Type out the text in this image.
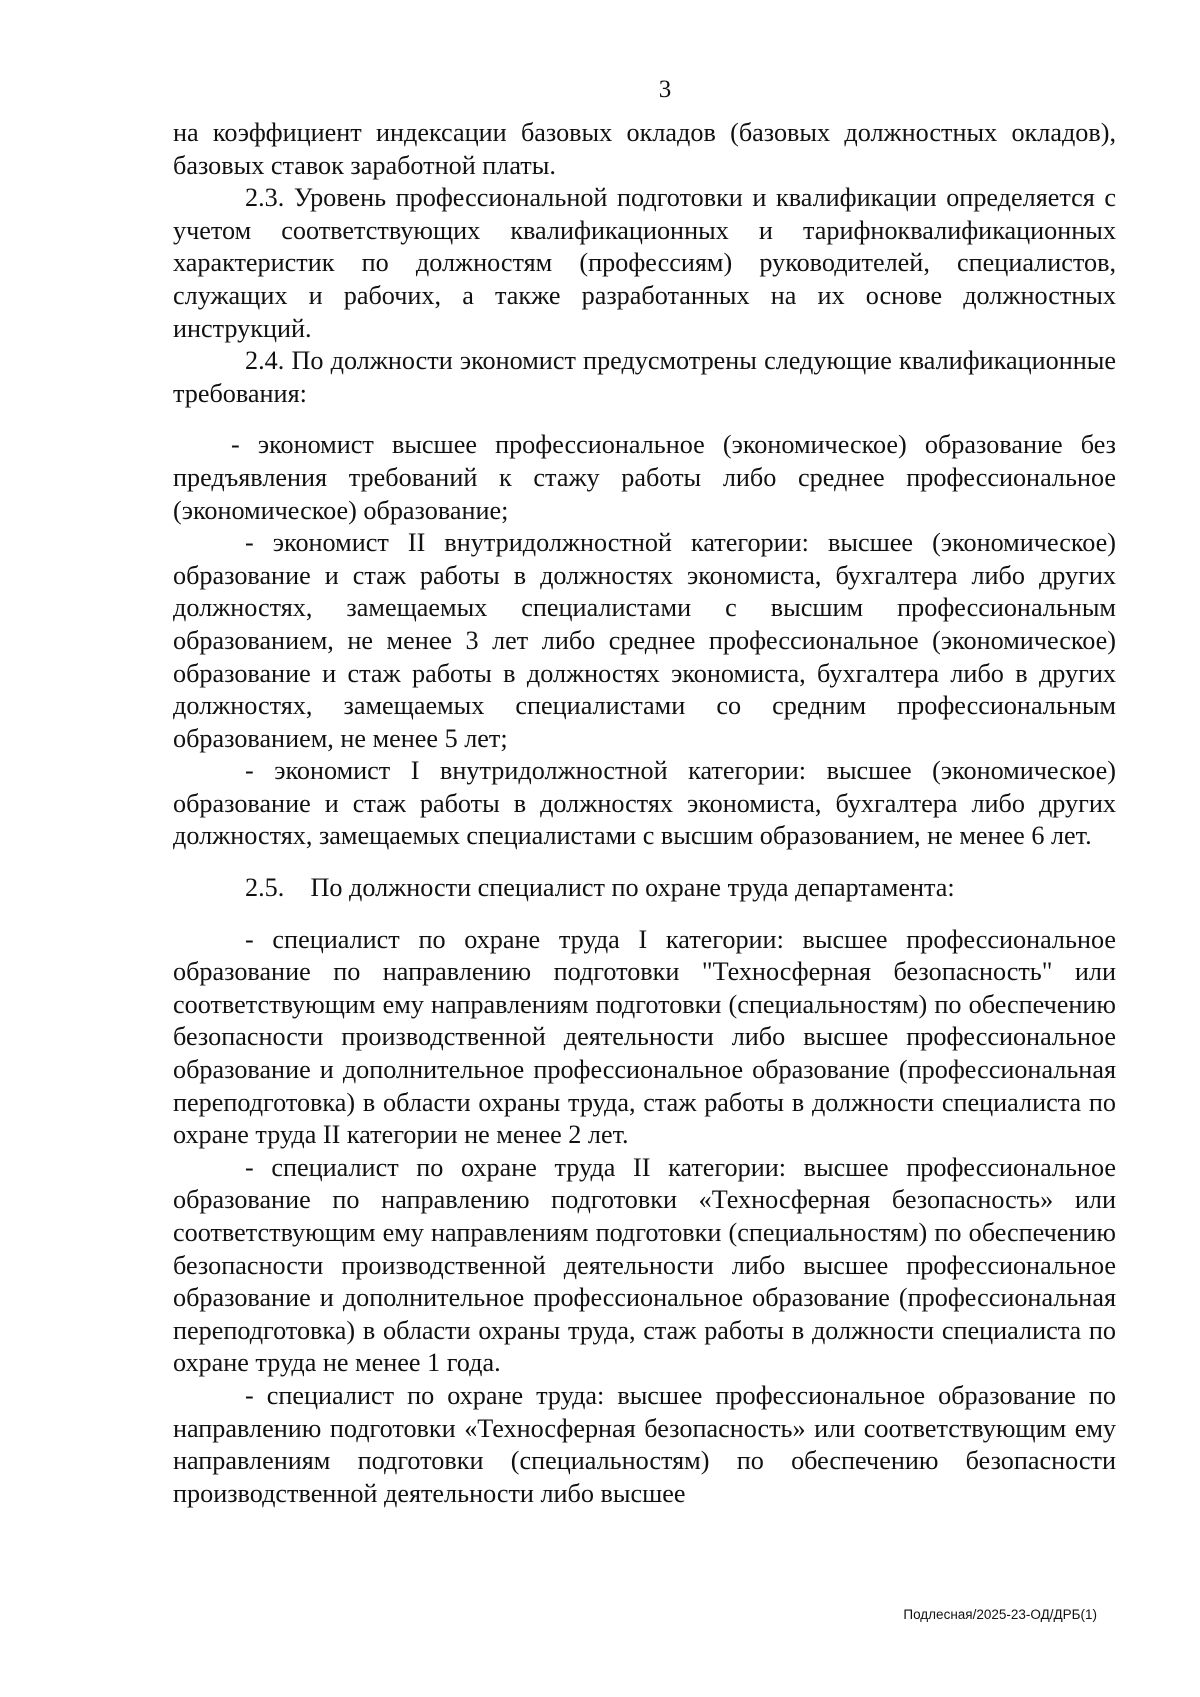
3

на коэффициент индексации базовых окладов (базовых должностных окладов), базовых ставок заработной платы.

2.3. Уровень профессиональной подготовки и квалификации определяется с учетом соответствующих квалификационных и тарифноквалификационных характеристик по должностям (профессиям) руководителей, специалистов, служащих и рабочих, а также разработанных на их основе должностных инструкций.

2.4. По должности экономист предусмотрены следующие квалификационные требования:

- экономист высшее профессиональное (экономическое) образование без предъявления требований к стажу работы либо среднее профессиональное (экономическое) образование;

- экономист II внутридолжностной категории: высшее (экономическое) образование и стаж работы в должностях экономиста, бухгалтера либо других должностях, замещаемых специалистами с высшим профессиональным образованием, не менее 3 лет либо среднее профессиональное (экономическое) образование и стаж работы в должностях экономиста, бухгалтера либо в других должностях, замещаемых специалистами со средним профессиональным образованием, не менее 5 лет;

- экономист I внутридолжностной категории: высшее (экономическое) образование и стаж работы в должностях экономиста, бухгалтера либо других должностях, замещаемых специалистами с высшим образованием, не менее 6 лет.

2.5.    По должности специалист по охране труда департамента:

- специалист по охране труда I категории: высшее профессиональное образование по направлению подготовки "Техносферная безопасность" или соответствующим ему направлениям подготовки (специальностям) по обеспечению безопасности производственной деятельности либо высшее профессиональное образование и дополнительное профессиональное образование (профессиональная переподготовка) в области охраны труда, стаж работы в должности специалиста по охране труда II категории не менее 2 лет.

- специалист по охране труда II категории: высшее профессиональное образование по направлению подготовки «Техносферная безопасность» или соответствующим ему направлениям подготовки (специальностям) по обеспечению безопасности производственной деятельности либо высшее профессиональное образование и дополнительное профессиональное образование (профессиональная переподготовка) в области охраны труда, стаж работы в должности специалиста по охране труда не менее 1 года.

- специалист по охране труда: высшее профессиональное образование по направлению подготовки «Техносферная безопасность» или соответствующим ему направлениям подготовки (специальностям) по обеспечению безопасности производственной деятельности либо высшее

Подлесная/2025-23-ОД/ДРБ(1)
